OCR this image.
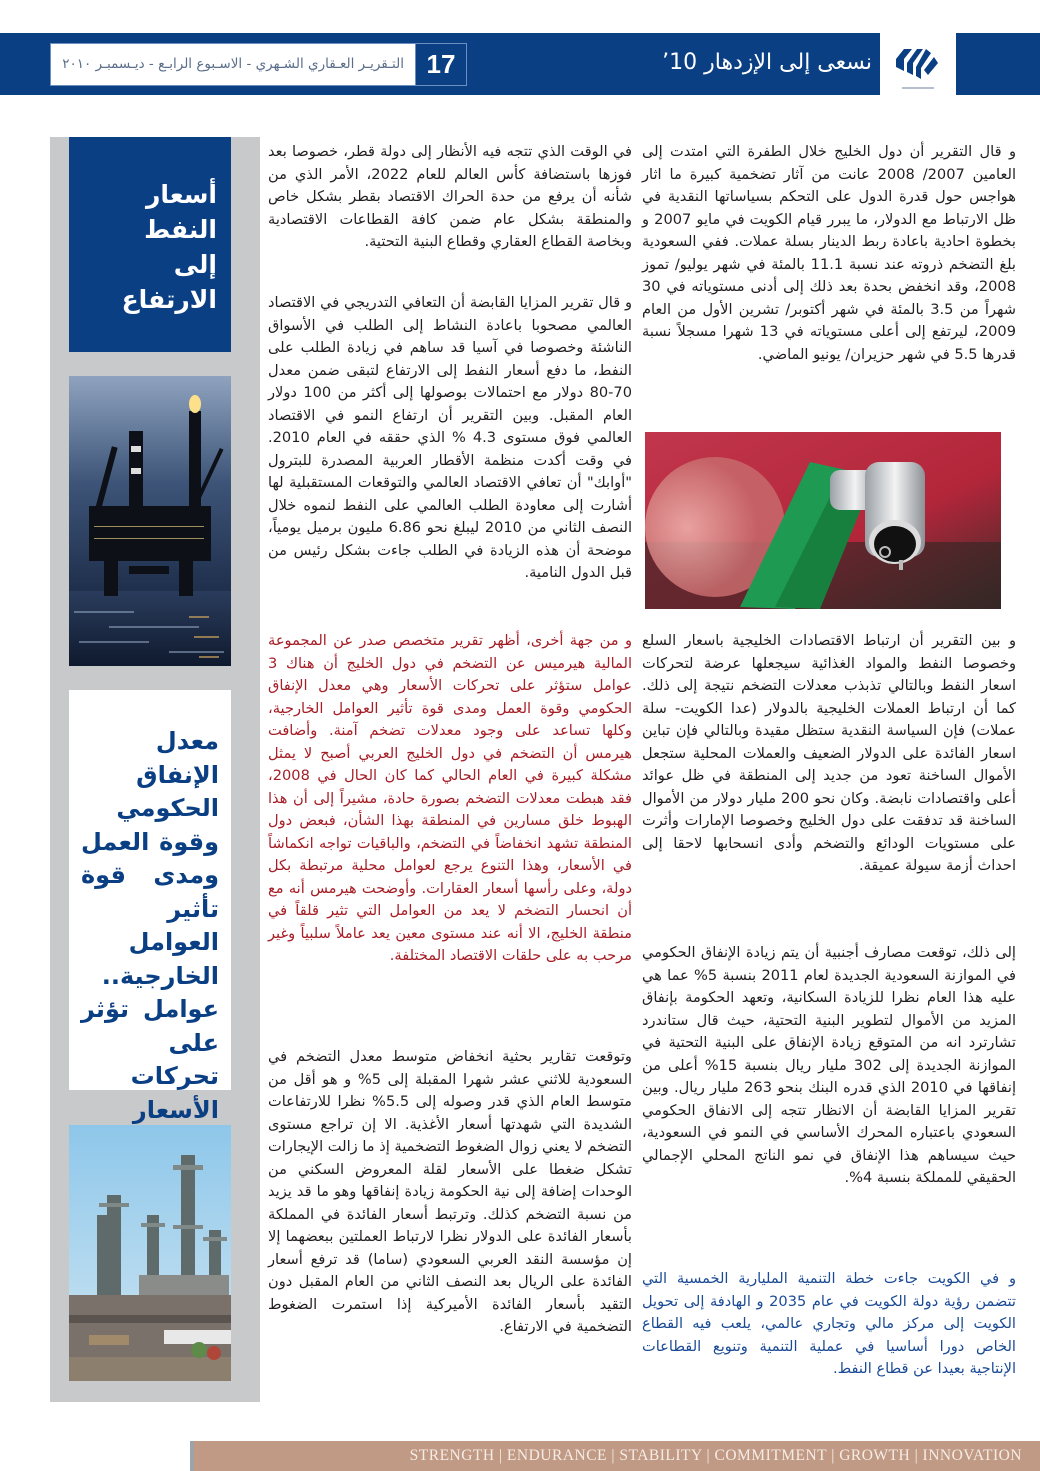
نسعى إلى الإزدهار 10’
17
التـقريـر العـقاري الشـهري - الاسـبوع الرابـع - ديـسمبـر ٢٠١٠

و قال التقرير أن دول الخليج خلال الطفرة التي امتدت إلى العامين 2007/ 2008 عانت من آثار تضخمية كبيرة ما اثار هواجس حول قدرة الدول على التحكم بسياساتها النقدية في ظل الارتباط مع الدولار، ما يبرر قيام الكويت في مايو 2007 و بخطوة احادية باعادة ربط الدينار بسلة عملات. ففي السعودية بلغ التضخم ذروته عند نسبة 11.1 بالمئة في شهر يوليو/ تموز 2008، وقد انخفض بحدة بعد ذلك إلى أدنى مستوياته في 30 شهراً من 3.5 بالمئة في شهر أكتوبر/ تشرين الأول من العام 2009، ليرتفع إلى أعلى مستوياته في 13 شهرا مسجلاً نسبة قدرها 5.5 في شهر حزيران/ يونيو الماضي.

و بين التقرير أن ارتباط الاقتصادات الخليجية باسعار السلع وخصوصا النفط والمواد الغذائية سيجعلها عرضة لتحركات اسعار النفط وبالتالي تذبذب معدلات التضخم نتيجة إلى ذلك. كما أن ارتباط العملات الخليجية بالدولار (عدا الكويت- سلة عملات) فإن السياسة النقدية ستظل مقيدة وبالتالي فإن تباين اسعار الفائدة على الدولار الضعيف والعملات المحلية ستجعل الأموال الساخنة تعود من جديد إلى المنطقة في ظل عوائد أعلى واقتصادات نابضة. وكان نحو 200 مليار دولار من الأموال الساخنة قد تدفقت على دول الخليج وخصوصا الإمارات وأثرت على مستويات الودائع والتضخم وأدى انسحابها لاحقا إلى احداث أزمة سيولة عميقة.

إلى ذلك، توقعت مصارف أجنبية أن يتم زيادة الإنفاق الحكومي في الموازنة السعودية الجديدة لعام 2011 بنسبة 5% عما هي عليه هذا العام نظرا للزيادة السكانية، وتعهد الحكومة بإنفاق المزيد من الأموال لتطوير البنية التحتية، حيث قال ستاندرد تشارترد انه من المتوقع زيادة الإنفاق على البنية التحتية في الموازنة الجديدة إلى 302 مليار ريال بنسبة 15% أعلى من إنفاقها في 2010 الذي قدره البنك بنحو 263 مليار ريال. وبين تقرير المزايا القابضة أن الانظار تتجه إلى الانفاق الحكومي السعودي باعتباره المحرك الأساسي في النمو في السعودية، حيث سيساهم هذا الإنفاق في نمو الناتج المحلي الإجمالي الحقيقي للمملكة بنسبة 4%.

و في الكويت جاءت خطة التنمية المليارية الخمسية التي تتضمن رؤية دولة الكويت في عام 2035 و الهادفة إلى تحويل الكويت إلى مركز مالي وتجاري عالمي، يلعب فيه القطاع الخاص دورا أساسيا في عملية التنمية وتنويع القطاعات الإنتاجية بعيدا عن قطاع النفط.

في الوقت الذي تتجه فيه الأنظار إلى دولة قطر، خصوصا بعد فوزها باستضافة كأس العالم للعام 2022، الأمر الذي من شأنه أن يرفع من حدة الحراك الاقتصاد بقطر بشكل خاص والمنطقة بشكل عام ضمن كافة القطاعات الاقتصادية وبخاصة القطاع العقاري وقطاع البنية التحتية.

و قال تقرير المزايا القابضة أن التعافي التدريجي في الاقتصاد العالمي مصحوبا باعادة النشاط إلى الطلب في الأسواق الناشئة وخصوصا في آسيا قد ساهم في زيادة الطلب على النفط، ما دفع أسعار النفط إلى الارتفاع لتبقى ضمن معدل 70-80 دولار مع احتمالات بوصولها إلى أكثر من 100 دولار العام المقبل. وبين التقرير أن ارتفاع النمو في الاقتصاد العالمي فوق مستوى 4.3 % الذي حققه في العام 2010. في وقت أكدت منظمة الأقطار العربية المصدرة للبترول "أوابك" أن تعافي الاقتصاد العالمي والتوقعات المستقبلية لها أشارت إلى معاودة الطلب العالمي على النفط لنموه خلال النصف الثاني من 2010 ليبلغ نحو 6.86 مليون برميل يومياً، موضحة أن هذه الزيادة في الطلب جاءت بشكل رئيس من قبل الدول النامية.

و من جهة أخرى، أظهر تقرير متخصص صدر عن المجموعة المالية هيرميس عن التضخم في دول الخليج أن هناك 3 عوامل ستؤثر على تحركات الأسعار وهي معدل الإنفاق الحكومي وقوة العمل ومدى قوة تأثير العوامل الخارجية، وكلها تساعد على وجود معدلات تضخم آمنة. وأضافت هيرمس أن التضخم في دول الخليج العربي أصبح لا يمثل مشكلة كبيرة في العام الحالي كما كان الحال في 2008، فقد هبطت معدلات التضخم بصورة حادة، مشيراً إلى أن هذا الهبوط خلق مسارين في المنطقة بهذا الشأن، فبعض دول المنطقة تشهد انخفاضاً في التضخم، والباقيات تواجه انكماشاً في الأسعار، وهذا التنوع يرجع لعوامل محلية مرتبطة بكل دولة، وعلى رأسها أسعار العقارات. وأوضحت هيرمس أنه مع أن انحسار التضخم لا يعد من العوامل التي تثير قلقاً في منطقة الخليج، الا أنه عند مستوى معين يعد عاملاً سلبياً وغير مرحب به على حلقات الاقتصاد المختلفة.

وتوقعت تقارير بحثية انخفاض متوسط معدل التضخم في السعودية للاثني عشر شهرا المقبلة إلى 5% و هو أقل من متوسط العام الذي قدر وصوله إلى 5.5% نظرا للارتفاعات الشديدة التي شهدتها أسعار الأغذية. الا إن تراجع مستوى التضخم لا يعني زوال الضغوط التضخمية إذ ما زالت الإيجارات تشكل ضغطا على الأسعار لقلة المعروض السكني من الوحدات إضافة إلى نية الحكومة زيادة إنفاقها وهو ما قد يزيد من نسبة التضخم كذلك. وترتبط أسعار الفائدة في المملكة بأسعار الفائدة على الدولار نظرا لارتباط العملتين ببعضهما إلا إن مؤسسة النقد العربي السعودي (ساما) قد ترفع أسعار الفائدة على الريال بعد النصف الثاني من العام المقبل دون التقيد بأسعار الفائدة الأميركية إذا استمرت الضغوط التضخمية في الارتفاع.

أسعار
النفط
إلى
الارتفاع
معدل
الإنفاق
الحكومي
وقوة العمل
ومدى قوة
تأثير
العوامل
الخارجية..
عوامل تؤثر
على تحركات
الأسعار
STRENGTH | ENDURANCE | STABILITY | COMMITMENT | GROWTH | INNOVATION
